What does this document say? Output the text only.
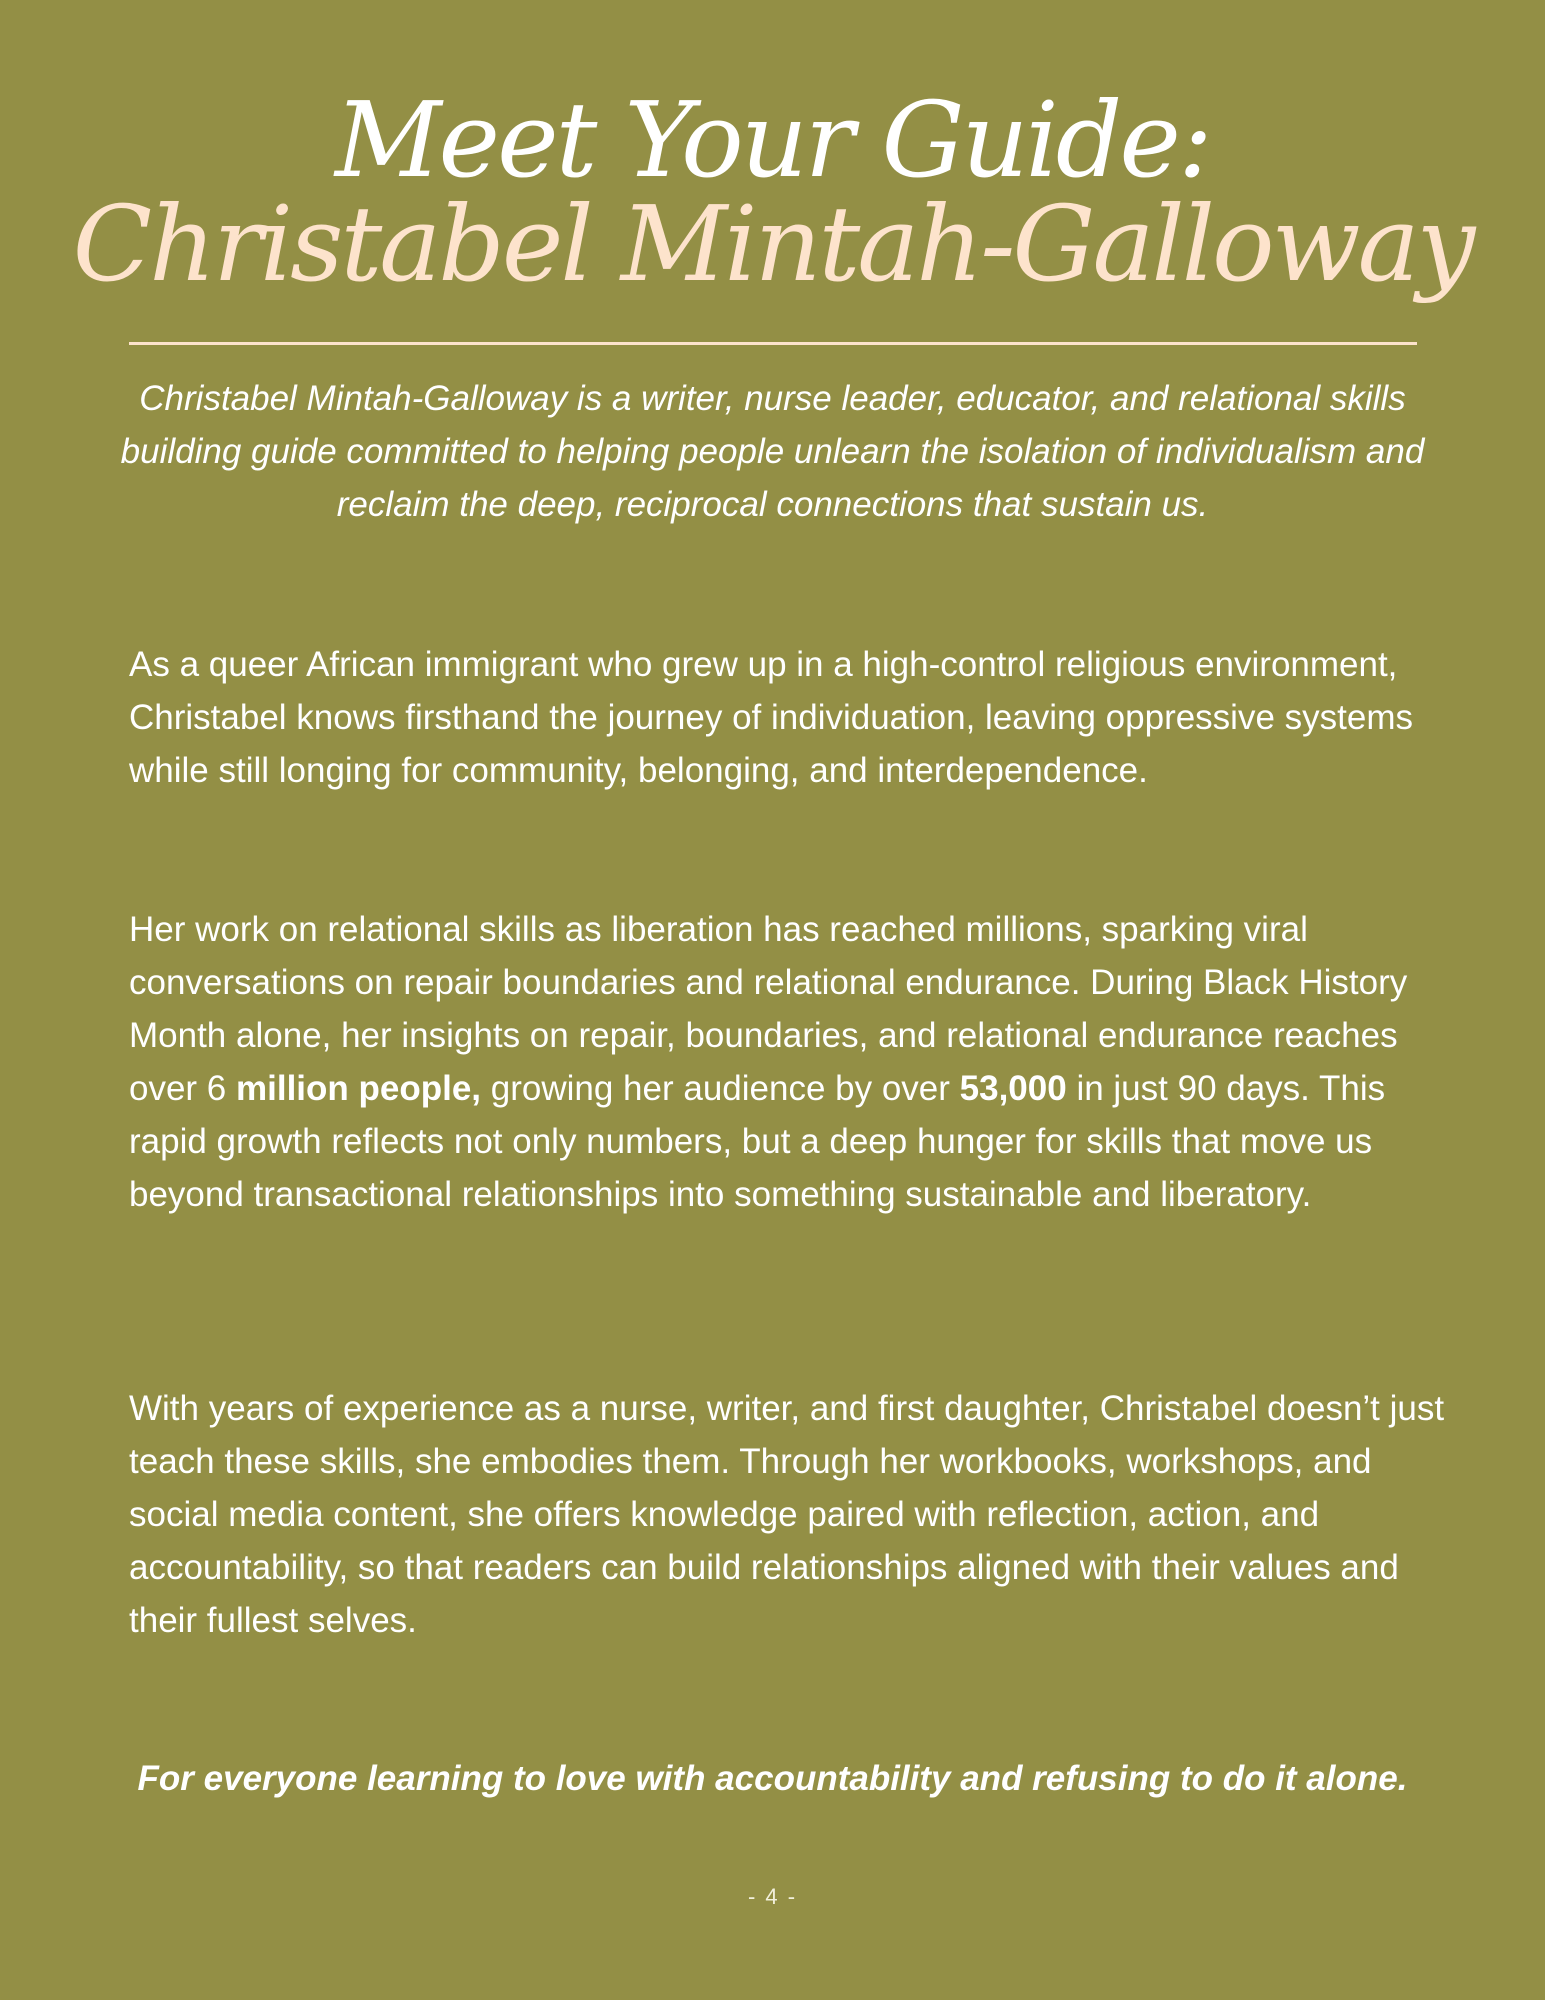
Meet Your Guide:
Christabel Mintah-Galloway

Christabel Mintah-Galloway is a writer, nurse leader, educator, and relational skills building guide committed to helping people unlearn the isolation of individualism and reclaim the deep, reciprocal connections that sustain us.

As a queer African immigrant who grew up in a high-control religious environment, Christabel knows firsthand the journey of individuation, leaving oppressive systems while still longing for community, belonging, and interdependence.

Her work on relational skills as liberation has reached millions, sparking viral conversations on repair boundaries and relational endurance. During Black History Month alone, her insights on repair, boundaries, and relational endurance reaches over 6 million people, growing her audience by over 53,000 in just 90 days. This rapid growth reflects not only numbers, but a deep hunger for skills that move us beyond transactional relationships into something sustainable and liberatory.

With years of experience as a nurse, writer, and first daughter, Christabel doesn’t just teach these skills, she embodies them. Through her workbooks, workshops, and social media content, she offers knowledge paired with reflection, action, and accountability, so that readers can build relationships aligned with their values and their fullest selves.

For everyone learning to love with accountability and refusing to do it alone.

- 4 -
